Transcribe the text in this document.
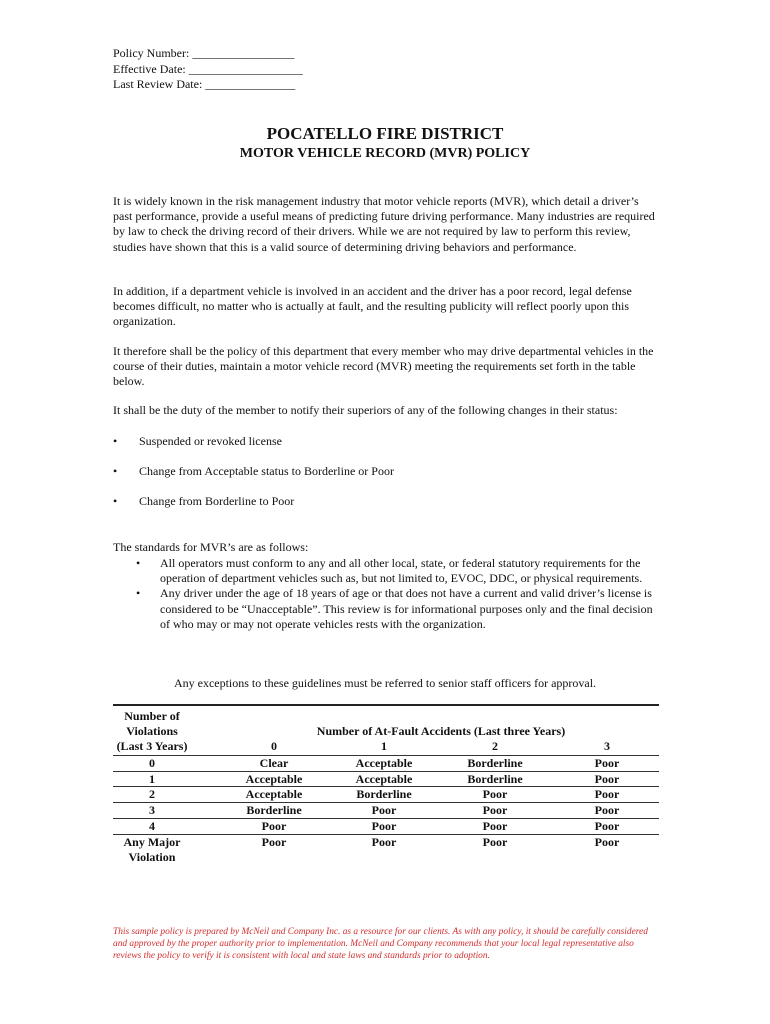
Policy Number: _________________
Effective Date: ___________________
Last Review Date: _______________
POCATELLO FIRE DISTRICT
MOTOR VEHICLE RECORD (MVR) POLICY

It is widely known in the risk management industry that motor vehicle reports (MVR), which detail a driver’s past performance, provide a useful means of predicting future driving performance. Many industries are required by law to check the driving record of their drivers. While we are not required by law to perform this review, studies have shown that this is a valid source of determining driving behaviors and performance.

In addition, if a department vehicle is involved in an accident and the driver has a poor record, legal defense becomes difficult, no matter who is actually at fault, and the resulting publicity will reflect poorly upon this organization.

It therefore shall be the policy of this department that every member who may drive departmental vehicles in the course of their duties, maintain a motor vehicle record (MVR) meeting the requirements set forth in the table below.

It shall be the duty of the member to notify their superiors of any of the following changes in their status:

• Suspended or revoked license
• Change from Acceptable status to Borderline or Poor
• Change from Borderline to Poor
The standards for MVR’s are as follows:
• All operators must conform to any and all other local, state, or federal statutory requirements for the operation of department vehicles such as, but not limited to, EVOC, DDC, or physical requirements.
• Any driver under the age of 18 years of age or that does not have a current and valid driver’s license is considered to be “Unacceptable”. This review is for informational purposes only and the final decision of who may or may not operate vehicles rests with the organization.
Any exceptions to these guidelines must be referred to senior staff officers for approval.
Number of
Violations
(Last 3 Years)
Number of At-Fault Accidents (Last three Years)
0	1	2	3
0	Clear	Acceptable	Borderline	Poor
1	Acceptable	Acceptable	Borderline	Poor
2	Acceptable	Borderline	Poor	Poor
3	Borderline	Poor	Poor	Poor
4	Poor	Poor	Poor	Poor
Any Major
Violation
Poor	Poor	Poor	Poor
This sample policy is prepared by McNeil and Company Inc. as a resource for our clients. As with any policy, it should be carefully considered and approved by the proper authority prior to implementation. McNeil and Company recommends that your local legal representative also reviews the policy to verify it is consistent with local and state laws and standards prior to adoption.
